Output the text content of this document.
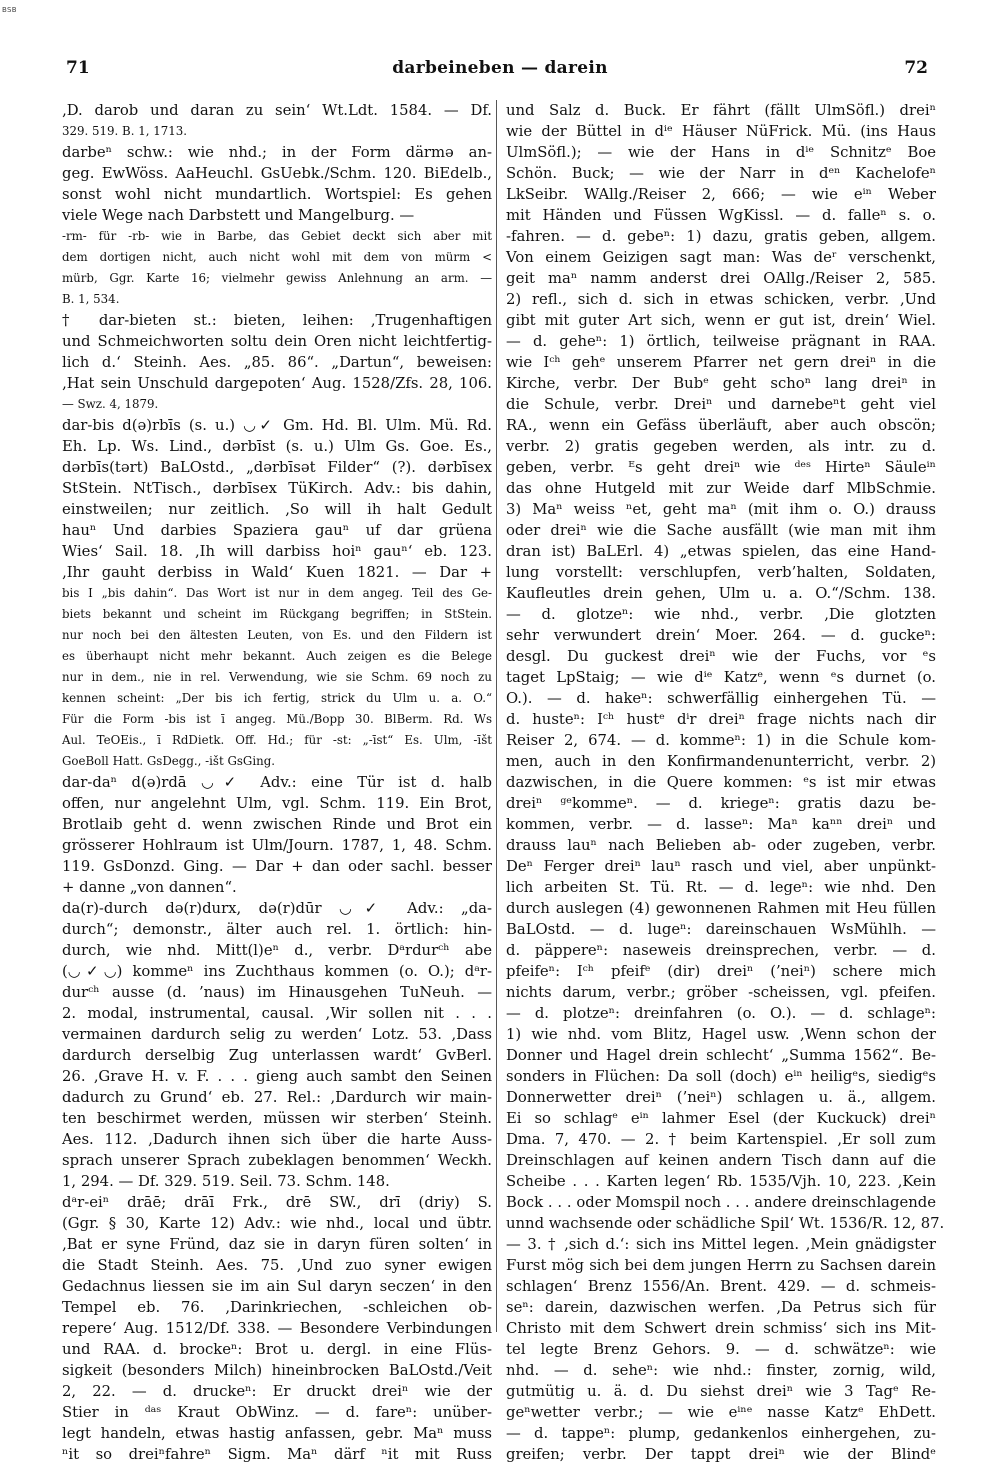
BSB
71	darbeineben — darein	72
‚D. darob und daran zu sein‘ Wt.Ldt. 1584. — Df.
329. 519. B. 1, 1713.
darbeⁿ schw.: wie nhd.; in der Form därmə an-
geg. EwWöss. AaHeuchl. GsUebk./Schm. 120. BiEdelb.,
sonst wohl nicht mundartlich. Wortspiel: Es gehen
viele Wege nach Darbstett und Mangelburg. —
-rm- für -rb- wie in Barbe, das Gebiet deckt sich aber mit
dem dortigen nicht, auch nicht wohl mit dem von mürm <
mürb, Ggr. Karte 16; vielmehr gewiss Anlehnung an arm. —
B. 1, 534.
† dar-bieten st.: bieten, leihen: ‚Trugenhaftigen
und Schmeichworten soltu dein Oren nicht leichtfertig-
lich d.‘ Steinh. Aes. „85. 86“. „Dartun“, beweisen:
‚Hat sein Unschuld dargepoten‘ Aug. 1528/Zfs. 28, 106.
— Swz. 4, 1879.
dar-bis d(ə)rbīs (s. u.) ◡✓ Gm. Hd. Bl. Ulm. Mü. Rd.
Eh. Lp. Ws. Lind., dərbīst (s. u.) Ulm Gs. Goe. Es.,
dərbīs(tərt) BaLOstd., „dərbīsət Filder“ (?). dərbīsex
StStein. NtTisch., dərbīsex TüKirch. Adv.: bis dahin,
einstweilen; nur zeitlich. ‚So will ih halt Gedult
hauⁿ Und darbies Spaziera gauⁿ uf dar grüena
Wies‘ Sail. 18. ‚Ih will darbiss hoiⁿ gauⁿ‘ eb. 123.
‚Ihr gauht derbiss in Wald‘ Kuen 1821. — Dar +
bis I „bis dahin“. Das Wort ist nur in dem angeg. Teil des Ge-
biets bekannt und scheint im Rückgang begriffen; in StStein.
nur noch bei den ältesten Leuten, von Es. und den Fildern ist
es überhaupt nicht mehr bekannt. Auch zeigen es die Belege
nur in dem., nie in rel. Verwendung, wie sie Schm. 69 noch zu
kennen scheint: „Der bis ich fertig, strick du Ulm u. a. O.“
Für die Form -bis ist ī angeg. Mü./Bopp 30. BlBerm. Rd. Ws
Aul. TeOEis., ī RdDietk. Off. Hd.; für -st: „-īst“ Es. Ulm, -īšt
GoeBoll Hatt. GsDegg., -išt GsGing.
dar-daⁿ d(ə)rdā ◡✓ Adv.: eine Tür ist d. halb
offen, nur angelehnt Ulm, vgl. Schm. 119. Ein Brot,
Brotlaib geht d. wenn zwischen Rinde und Brot ein
grösserer Hohlraum ist Ulm/Journ. 1787, 1, 48. Schm.
119. GsDonzd. Ging. — Dar + dan oder sachl. besser
+ danne „von dannen“.
da(r)-durch də(r)durx, də(r)dūr ◡✓ Adv.: „da-
durch“; demonstr., älter auch rel. 1. örtlich: hin-
durch, wie nhd. Mitt(l)eⁿ d., verbr. Dᵃrdurᶜʰ abe
(◡✓◡) kommeⁿ ins Zuchthaus kommen (o. O.); dᵃr-
durᶜʰ ausse (d. ’naus) im Hinausgehen TuNeuh. —
2. modal, instrumental, causal. ‚Wir sollen nit . . .
vermainen dardurch selig zu werden‘ Lotz. 53. ‚Dass
dardurch derselbig Zug unterlassen wardt‘ GvBerl.
26. ‚Grave H. v. F. . . . gieng auch sambt den Seinen
dadurch zu Grund‘ eb. 27. Rel.: ‚Dardurch wir main-
ten beschirmet werden, müssen wir sterben‘ Steinh.
Aes. 112. ‚Dadurch ihnen sich über die harte Auss-
sprach unserer Sprach zubeklagen benommen‘ Weckh.
1, 294. — Df. 329. 519. Seil. 73. Schm. 148.
dᵃr-eiⁿ drāē; drāī Frk., drē SW., drī (driy) S.
(Ggr. § 30, Karte 12) Adv.: wie nhd., local und übtr.
‚Bat er syne Fründ, daz sie in daryn füren solten‘ in
die Stadt Steinh. Aes. 75. ‚Und zuo syner ewigen
Gedachnus liessen sie im ain Sul daryn seczen‘ in den
Tempel eb. 76. ‚Darinkriechen, -schleichen ob-
repere‘ Aug. 1512/Df. 338. — Besondere Verbindungen
und RAA. d. brockeⁿ: Brot u. dergl. in eine Flüs-
sigkeit (besonders Milch) hineinbrocken BaLOstd./Veit
2, 22. — d. druckeⁿ: Er druckt dreiⁿ wie der
Stier in ᵈᵃˢ Kraut ObWinz. — d. fareⁿ: unüber-
legt handeln, etwas hastig anfassen, gebr. Maⁿ muss
ⁿit so dreiⁿfahreⁿ Sigm. Maⁿ därf ⁿit mit Russ
und Salz d. Buck. Er fährt (fällt UlmSöfl.) dreiⁿ
wie der Büttel in dⁱᵉ Häuser NüFrick. Mü. (ins Haus
UlmSöfl.); — wie der Hans in dⁱᵉ Schnitzᵉ Boe
Schön. Buck; — wie der Narr in dᵉⁿ Kachelofeⁿ
LkSeibr. WAllg./Reiser 2, 666; — wie eⁱⁿ Weber
mit Händen und Füssen WgKissl. — d. falleⁿ s. o.
-fahren. — d. gebeⁿ: 1) dazu, gratis geben, allgem.
Von einem Geizigen sagt man: Was deʳ verschenkt,
geit maⁿ namm anderst drei OAllg./Reiser 2, 585.
2) refl., sich d. sich in etwas schicken, verbr. ‚Und
gibt mit guter Art sich, wenn er gut ist, drein‘ Wiel.
— d. geheⁿ: 1) örtlich, teilweise prägnant in RAA.
wie Iᶜʰ gehᵉ unserem Pfarrer net gern dreiⁿ in die
Kirche, verbr. Der Bubᵉ geht schoⁿ lang dreiⁿ in
die Schule, verbr. Dreiⁿ und darnebeⁿt geht viel
RA., wenn ein Gefäss überläuft, aber auch obscön;
verbr. 2) gratis gegeben werden, als intr. zu d.
geben, verbr. ᴱs geht dreiⁿ wie ᵈᵉˢ Hirteⁿ Säuleⁱⁿ
das ohne Hutgeld mit zur Weide darf MlbSchmie.
3) Maⁿ weiss ⁿet, geht maⁿ (mit ihm o. O.) drauss
oder dreiⁿ wie die Sache ausfällt (wie man mit ihm
dran ist) BaLErl. 4) „etwas spielen, das eine Hand-
lung vorstellt: verschlupfen, verb’halten, Soldaten,
Kaufleutles drein gehen, Ulm u. a. O.“/Schm. 138.
— d. glotzeⁿ: wie nhd., verbr. ‚Die glotzten
sehr verwundert drein‘ Moer. 264. — d. guckeⁿ:
desgl. Du guckest dreiⁿ wie der Fuchs, vor ᵉs
taget LpStaig; — wie dⁱᵉ Katzᵉ, wenn ᵉs durnet (o.
O.). — d. hakeⁿ: schwerfällig einhergehen Tü. —
d. husteⁿ: Iᶜʰ hustᵉ dⁱr dreiⁿ frage nichts nach dir
Reiser 2, 674. — d. kommeⁿ: 1) in die Schule kom-
men, auch in den Konfirmandenunterricht, verbr. 2)
dazwischen, in die Quere kommen: ᵉs ist mir etwas
dreiⁿ ᵍᵉkommeⁿ. — d. kriegeⁿ: gratis dazu be-
kommen, verbr. — d. lasseⁿ: Maⁿ kaⁿⁿ dreiⁿ und
drauss lauⁿ nach Belieben ab- oder zugeben, verbr.
Deⁿ Ferger dreiⁿ lauⁿ rasch und viel, aber unpünkt-
lich arbeiten St. Tü. Rt. — d. legeⁿ: wie nhd. Den
durch auslegen (4) gewonnenen Rahmen mit Heu füllen
BaLOstd. — d. lugeⁿ: dareinschauen WsMühlh. —
d. päppereⁿ: naseweis dreinsprechen, verbr. — d.
pfeifeⁿ: Iᶜʰ pfeifᵉ (dir) dreiⁿ (’neiⁿ) schere mich
nichts darum, verbr.; gröber -scheissen, vgl. pfeifen.
— d. plotzeⁿ: dreinfahren (o. O.). — d. schlageⁿ:
1) wie nhd. vom Blitz, Hagel usw. ‚Wenn schon der
Donner und Hagel drein schlecht‘ „Summa 1562“. Be-
sonders in Flüchen: Da soll (doch) eⁱⁿ heiligᵉs, siedigᵉs
Donnerwetter dreiⁿ (’neiⁿ) schlagen u. ä., allgem.
Ei so schlagᵉ eⁱⁿ lahmer Esel (der Kuckuck) dreiⁿ
Dma. 7, 470. — 2. † beim Kartenspiel. ‚Er soll zum
Dreinschlagen auf keinen andern Tisch dann auf die
Scheibe . . . Karten legen‘ Rb. 1535/Vjh. 10, 223. ‚Kein
Bock . . . oder Momspil noch . . . andere dreinschlagende
unnd wachsende oder schädliche Spil‘ Wt. 1536/R. 12, 87.
— 3. † ‚sich d.‘: sich ins Mittel legen. ‚Mein gnädigster
Furst mög sich bei dem jungen Herrn zu Sachsen darein
schlagen‘ Brenz 1556/An. Brent. 429. — d. schmeis-
seⁿ: darein, dazwischen werfen. ‚Da Petrus sich für
Christo mit dem Schwert drein schmiss‘ sich ins Mit-
tel legte Brenz Gehors. 9. — d. schwätzeⁿ: wie
nhd. — d. seheⁿ: wie nhd.: finster, zornig, wild,
gutmütig u. ä. d. Du siehst dreiⁿ wie 3 Tagᵉ Re-
geⁿwetter verbr.; — wie eⁱⁿᵉ nasse Katzᵉ EhDett.
— d. tappeⁿ: plump, gedankenlos einhergehen, zu-
greifen; verbr. Der tappt dreiⁿ wie der Blindᵉ
